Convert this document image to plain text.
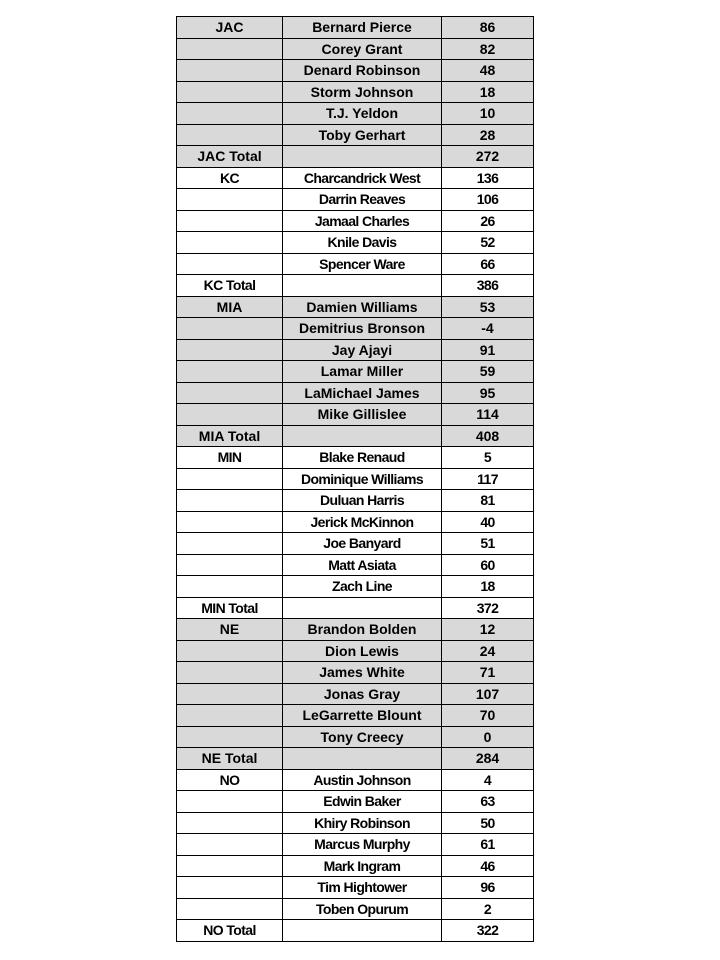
JAC	Bernard Pierce	86
	Corey Grant	82
	Denard Robinson	48
	Storm Johnson	18
	T.J. Yeldon	10
	Toby Gerhart	28
JAC Total		272
KC	Charcandrick West	136
	Darrin Reaves	106
	Jamaal Charles	26
	Knile Davis	52
	Spencer Ware	66
KC Total		386
MIA	Damien Williams	53
	Demitrius Bronson	-4
	Jay Ajayi	91
	Lamar Miller	59
	LaMichael James	95
	Mike Gillislee	114
MIA Total		408
MIN	Blake Renaud	5
	Dominique Williams	117
	Duluan Harris	81
	Jerick McKinnon	40
	Joe Banyard	51
	Matt Asiata	60
	Zach Line	18
MIN Total		372
NE	Brandon Bolden	12
	Dion Lewis	24
	James White	71
	Jonas Gray	107
	LeGarrette Blount	70
	Tony Creecy	0
NE Total		284
NO	Austin Johnson	4
	Edwin Baker	63
	Khiry Robinson	50
	Marcus Murphy	61
	Mark Ingram	46
	Tim Hightower	96
	Toben Opurum	2
NO Total		322
